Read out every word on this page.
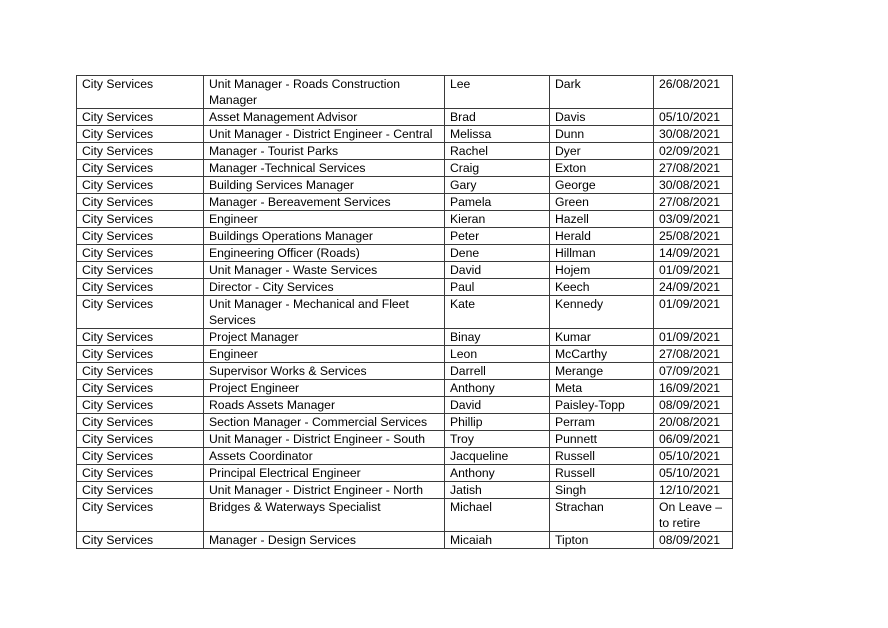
City Services	Unit Manager - Roads Construction Manager	Lee	Dark	26/08/2021
City Services	Asset Management Advisor	Brad	Davis	05/10/2021
City Services	Unit Manager - District Engineer - Central	Melissa	Dunn	30/08/2021
City Services	Manager - Tourist Parks	Rachel	Dyer	02/09/2021
City Services	Manager -Technical Services	Craig	Exton	27/08/2021
City Services	Building Services Manager	Gary	George	30/08/2021
City Services	Manager - Bereavement Services	Pamela	Green	27/08/2021
City Services	Engineer	Kieran	Hazell	03/09/2021
City Services	Buildings Operations Manager	Peter	Herald	25/08/2021
City Services	Engineering Officer (Roads)	Dene	Hillman	14/09/2021
City Services	Unit Manager - Waste Services	David	Hojem	01/09/2021
City Services	Director - City Services	Paul	Keech	24/09/2021
City Services	Unit Manager - Mechanical and Fleet Services	Kate	Kennedy	01/09/2021
City Services	Project Manager	Binay	Kumar	01/09/2021
City Services	Engineer	Leon	McCarthy	27/08/2021
City Services	Supervisor Works & Services	Darrell	Merange	07/09/2021
City Services	Project Engineer	Anthony	Meta	16/09/2021
City Services	Roads Assets Manager	David	Paisley-Topp	08/09/2021
City Services	Section Manager - Commercial Services	Phillip	Perram	20/08/2021
City Services	Unit Manager - District Engineer - South	Troy	Punnett	06/09/2021
City Services	Assets Coordinator	Jacqueline	Russell	05/10/2021
City Services	Principal Electrical Engineer	Anthony	Russell	05/10/2021
City Services	Unit Manager - District Engineer - North	Jatish	Singh	12/10/2021
City Services	Bridges & Waterways Specialist	Michael	Strachan	On Leave – to retire
City Services	Manager - Design Services	Micaiah	Tipton	08/09/2021
